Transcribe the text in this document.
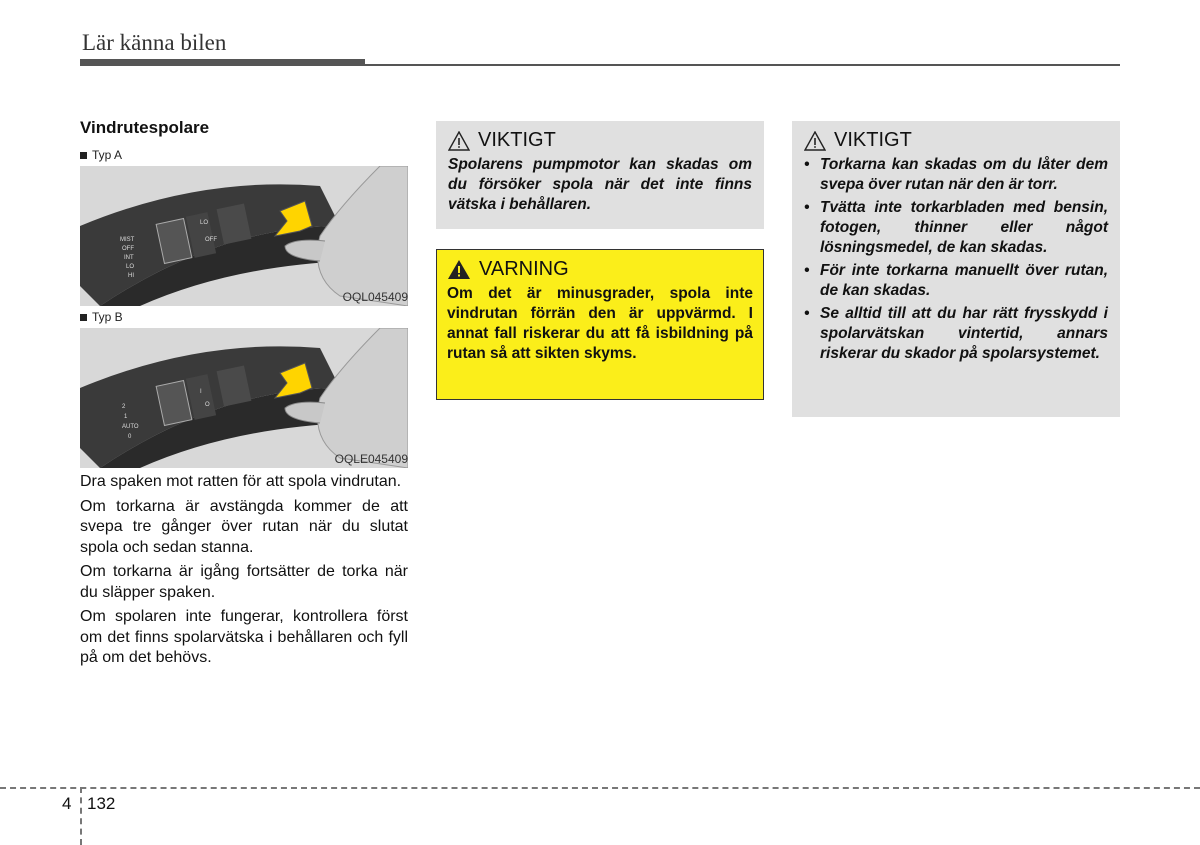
Lär känna bilen
Vindrutespolare
Typ A
MIST
OFF
INT
LO
HI
LO
OFF
OQL045409
Typ B
2
1
AUTO
0
I
O
OQLE045409

Dra spaken mot ratten för att spola vindrutan.

Om torkarna är avstängda kommer de att svepa tre gånger över rutan när du slutat spola och sedan stanna.

Om torkarna är igång fortsätter de torka när du släpper spaken.

Om spolaren inte fungerar, kontrollera först om det finns spolarvätska i behållaren och fyll på om det behövs.

VIKTIGT
Spolarens pumpmotor kan skadas om du försöker spola när det inte finns vätska i behållaren.
VARNING
Om det är minusgrader, spola inte vindrutan förrän den är uppvärmd. I annat fall riskerar du att få isbildning på rutan så att sikten skyms.
VIKTIGT
• Torkarna kan skadas om du låter dem svepa över rutan när den är torr.
• Tvätta inte torkarbladen med bensin, fotogen, thinner eller något lösningsmedel, de kan skadas.
• För inte torkarna manuellt över rutan, de kan skadas.
• Se alltid till att du har rätt frysskydd i spolarvätskan vintertid, annars riskerar du skador på spolarsystemet.
4 132
